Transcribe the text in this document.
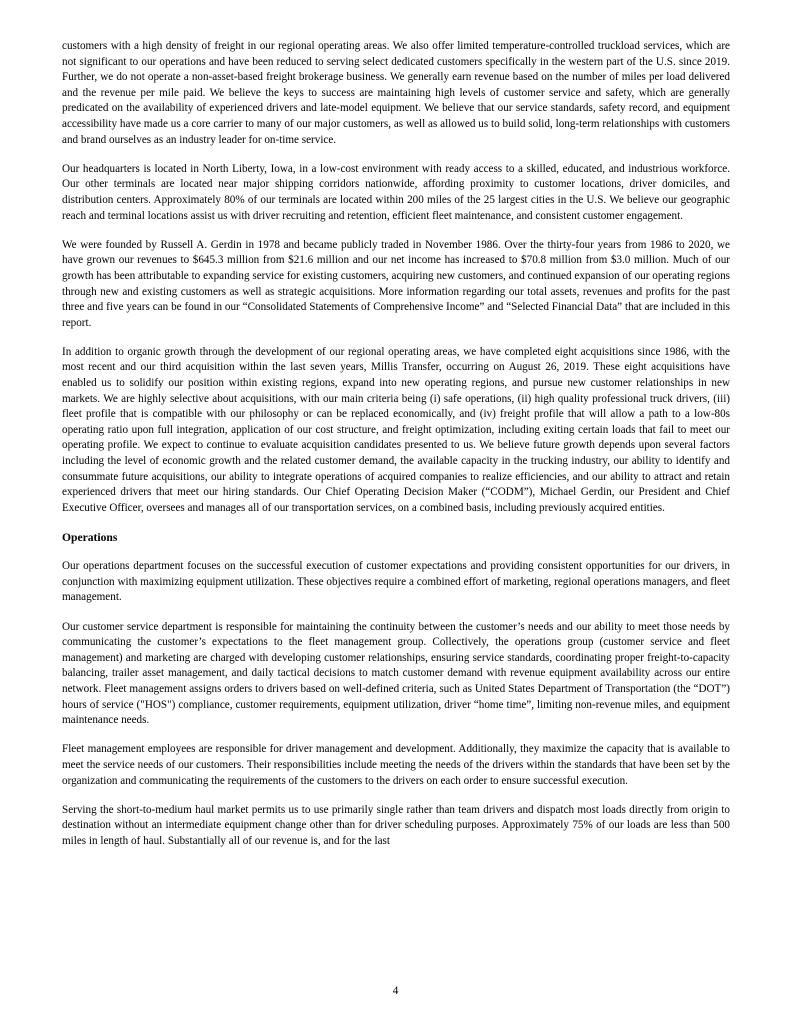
customers with a high density of freight in our regional operating areas. We also offer limited temperature-controlled truckload services, which are not significant to our operations and have been reduced to serving select dedicated customers specifically in the western part of the U.S. since 2019. Further, we do not operate a non-asset-based freight brokerage business. We generally earn revenue based on the number of miles per load delivered and the revenue per mile paid. We believe the keys to success are maintaining high levels of customer service and safety, which are generally predicated on the availability of experienced drivers and late-model equipment. We believe that our service standards, safety record, and equipment accessibility have made us a core carrier to many of our major customers, as well as allowed us to build solid, long-term relationships with customers and brand ourselves as an industry leader for on-time service.

Our headquarters is located in North Liberty, Iowa, in a low-cost environment with ready access to a skilled, educated, and industrious workforce. Our other terminals are located near major shipping corridors nationwide, affording proximity to customer locations, driver domiciles, and distribution centers. Approximately 80% of our terminals are located within 200 miles of the 25 largest cities in the U.S. We believe our geographic reach and terminal locations assist us with driver recruiting and retention, efficient fleet maintenance, and consistent customer engagement.

We were founded by Russell A. Gerdin in 1978 and became publicly traded in November 1986. Over the thirty-four years from 1986 to 2020, we have grown our revenues to $645.3 million from $21.6 million and our net income has increased to $70.8 million from $3.0 million. Much of our growth has been attributable to expanding service for existing customers, acquiring new customers, and continued expansion of our operating regions through new and existing customers as well as strategic acquisitions. More information regarding our total assets, revenues and profits for the past three and five years can be found in our “Consolidated Statements of Comprehensive Income” and “Selected Financial Data” that are included in this report.

In addition to organic growth through the development of our regional operating areas, we have completed eight acquisitions since 1986, with the most recent and our third acquisition within the last seven years, Millis Transfer, occurring on August 26, 2019. These eight acquisitions have enabled us to solidify our position within existing regions, expand into new operating regions, and pursue new customer relationships in new markets. We are highly selective about acquisitions, with our main criteria being (i) safe operations, (ii) high quality professional truck drivers, (iii) fleet profile that is compatible with our philosophy or can be replaced economically, and (iv) freight profile that will allow a path to a low-80s operating ratio upon full integration, application of our cost structure, and freight optimization, including exiting certain loads that fail to meet our operating profile. We expect to continue to evaluate acquisition candidates presented to us. We believe future growth depends upon several factors including the level of economic growth and the related customer demand, the available capacity in the trucking industry, our ability to identify and consummate future acquisitions, our ability to integrate operations of acquired companies to realize efficiencies, and our ability to attract and retain experienced drivers that meet our hiring standards. Our Chief Operating Decision Maker (“CODM”), Michael Gerdin, our President and Chief Executive Officer, oversees and manages all of our transportation services, on a combined basis, including previously acquired entities.

Operations

Our operations department focuses on the successful execution of customer expectations and providing consistent opportunities for our drivers, in conjunction with maximizing equipment utilization. These objectives require a combined effort of marketing, regional operations managers, and fleet management.

Our customer service department is responsible for maintaining the continuity between the customer’s needs and our ability to meet those needs by communicating the customer’s expectations to the fleet management group. Collectively, the operations group (customer service and fleet management) and marketing are charged with developing customer relationships, ensuring service standards, coordinating proper freight-to-capacity balancing, trailer asset management, and daily tactical decisions to match customer demand with revenue equipment availability across our entire network. Fleet management assigns orders to drivers based on well-defined criteria, such as United States Department of Transportation (the “DOT”) hours of service ("HOS") compliance, customer requirements, equipment utilization, driver “home time”, limiting non-revenue miles, and equipment maintenance needs.

Fleet management employees are responsible for driver management and development. Additionally, they maximize the capacity that is available to meet the service needs of our customers. Their responsibilities include meeting the needs of the drivers within the standards that have been set by the organization and communicating the requirements of the customers to the drivers on each order to ensure successful execution.

Serving the short-to-medium haul market permits us to use primarily single rather than team drivers and dispatch most loads directly from origin to destination without an intermediate equipment change other than for driver scheduling purposes. Approximately 75% of our loads are less than 500 miles in length of haul. Substantially all of our revenue is, and for the last

4
